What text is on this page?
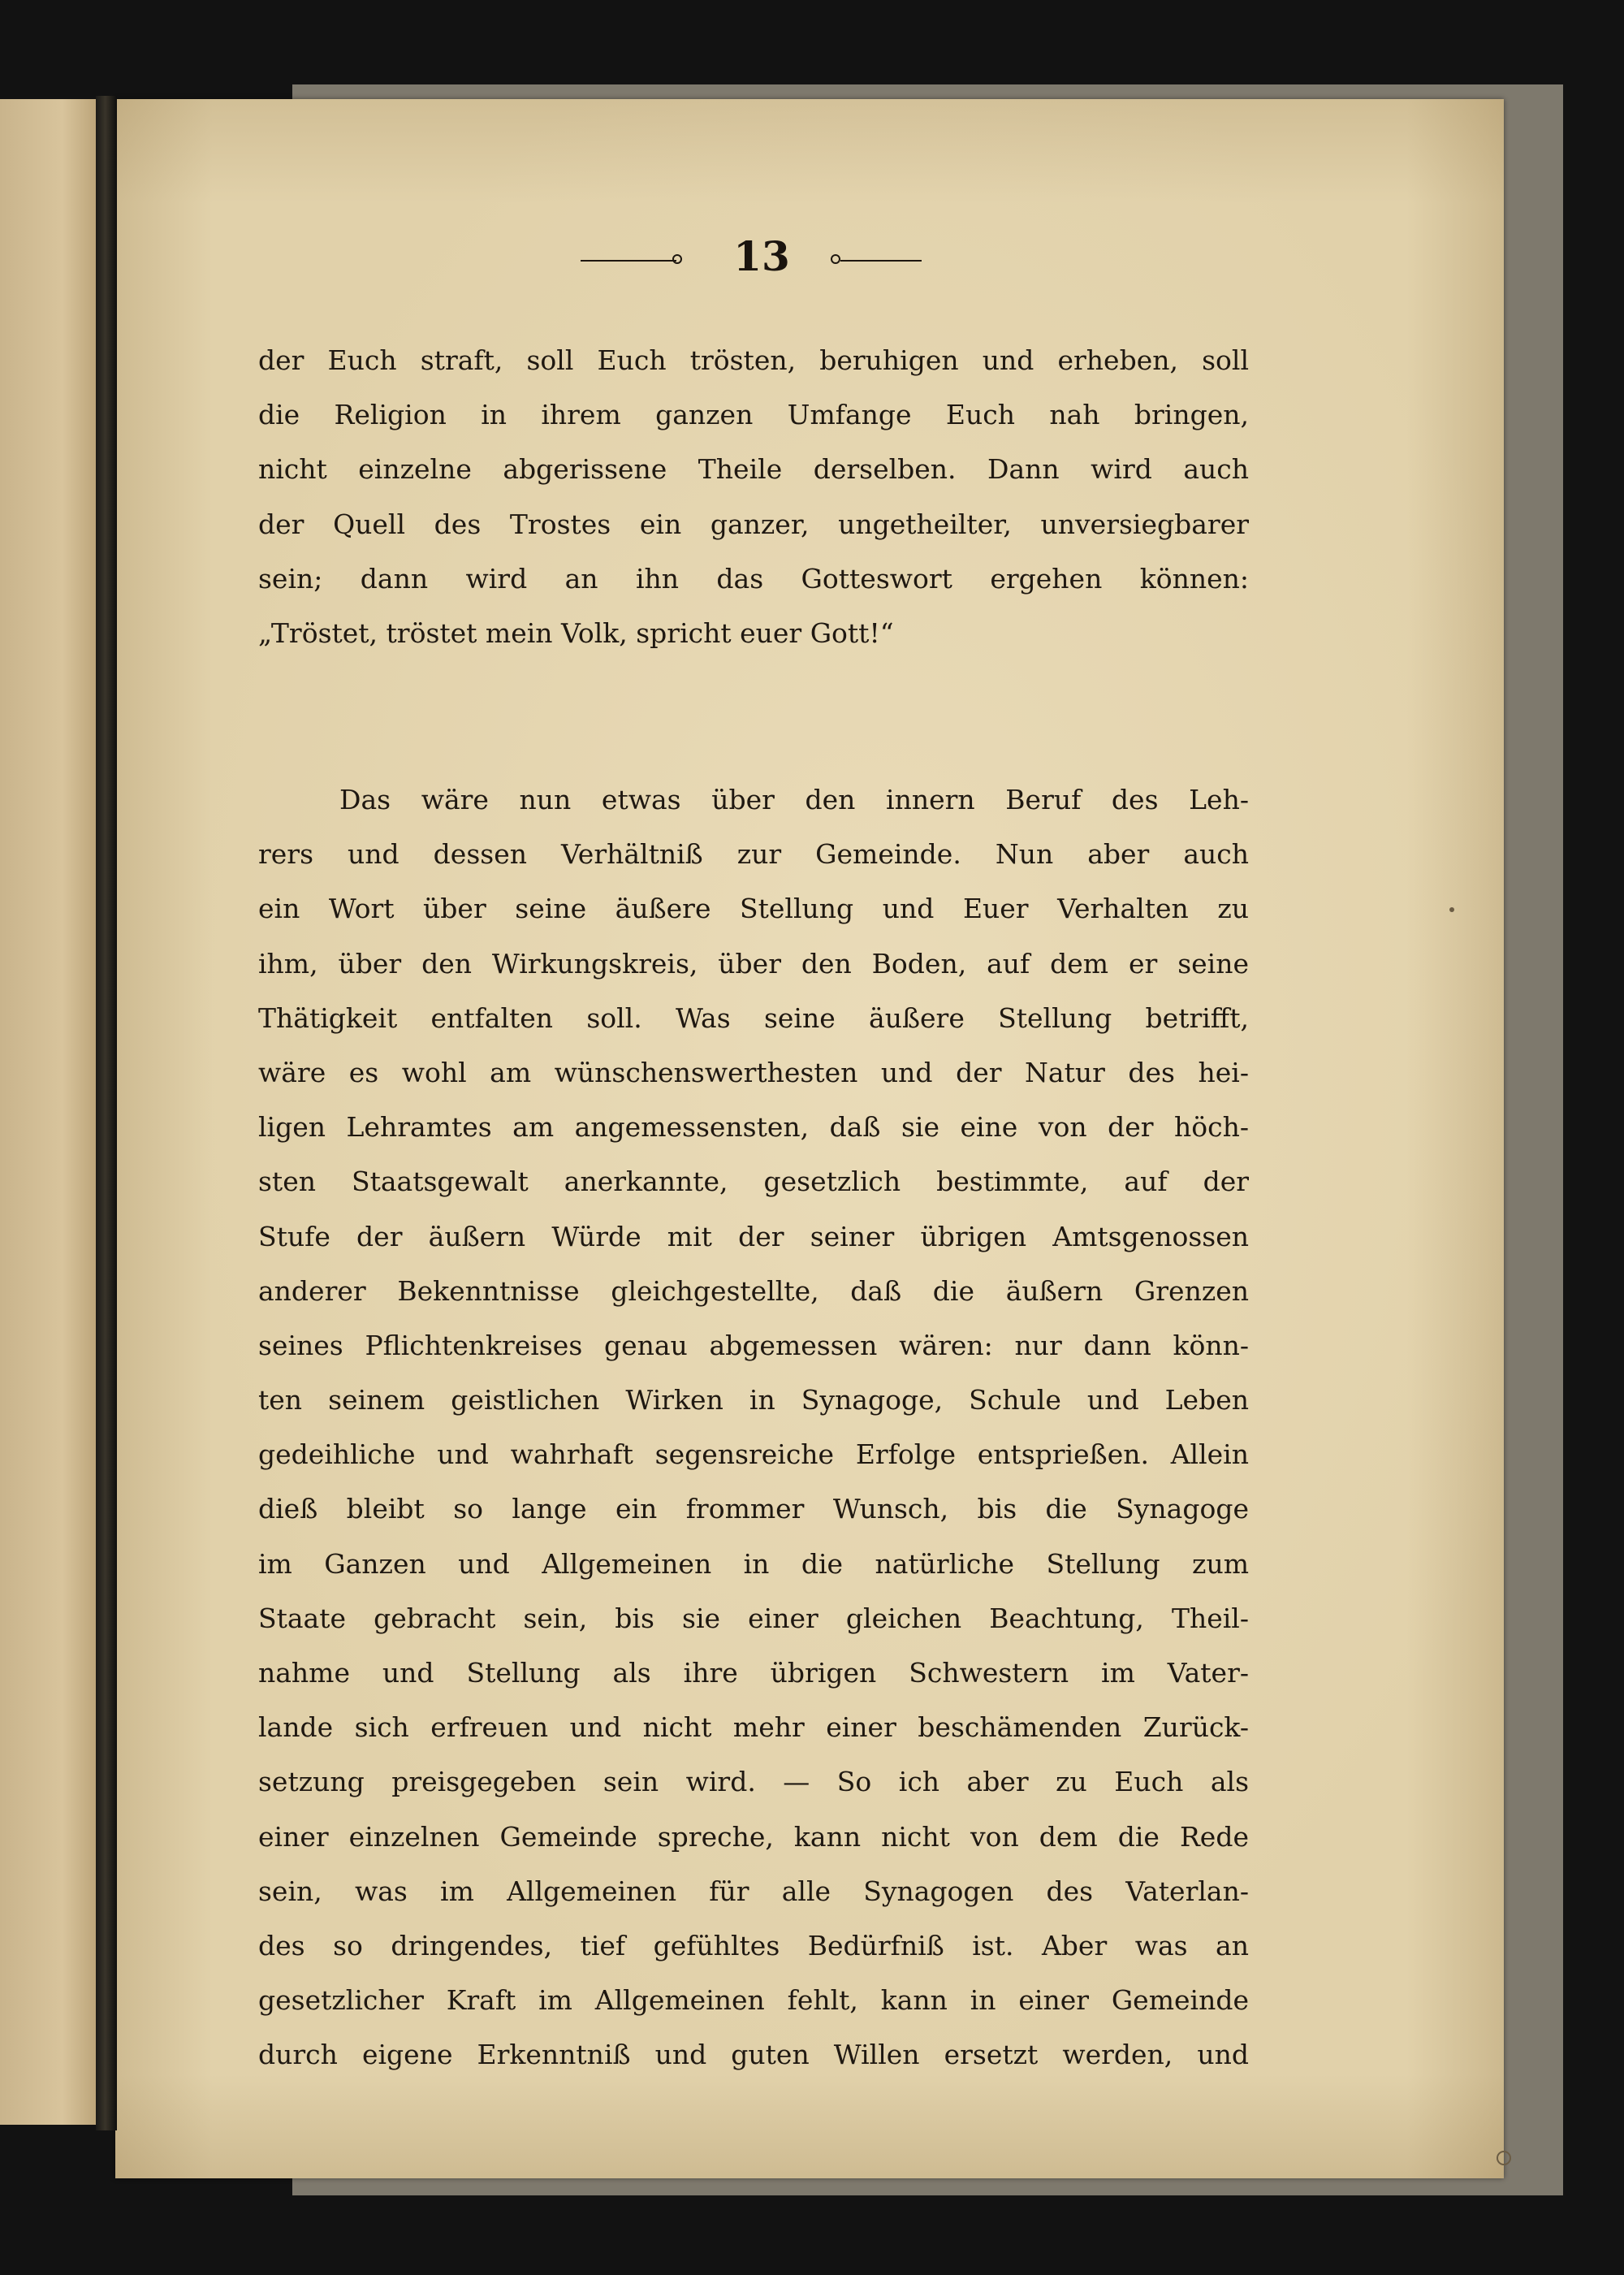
13
der Euch straft, soll Euch trösten, beruhigen und erheben, soll
die Religion in ihrem ganzen Umfange Euch nah bringen,
nicht einzelne abgerissene Theile derselben. Dann wird auch
der Quell des Trostes ein ganzer, ungetheilter, unversiegbarer
sein; dann wird an ihn das Gotteswort ergehen können:
„Tröstet, tröstet mein Volk, spricht euer Gott!“
Das wäre nun etwas über den innern Beruf des Leh-
rers und dessen Verhältniß zur Gemeinde. Nun aber auch
ein Wort über seine äußere Stellung und Euer Verhalten zu
ihm, über den Wirkungskreis, über den Boden, auf dem er seine
Thätigkeit entfalten soll. Was seine äußere Stellung betrifft,
wäre es wohl am wünschenswerthesten und der Natur des hei-
ligen Lehramtes am angemessensten, daß sie eine von der höch-
sten Staatsgewalt anerkannte, gesetzlich bestimmte, auf der
Stufe der äußern Würde mit der seiner übrigen Amtsgenossen
anderer Bekenntnisse gleichgestellte, daß die äußern Grenzen
seines Pflichtenkreises genau abgemessen wären: nur dann könn-
ten seinem geistlichen Wirken in Synagoge, Schule und Leben
gedeihliche und wahrhaft segensreiche Erfolge entsprießen. Allein
dieß bleibt so lange ein frommer Wunsch, bis die Synagoge
im Ganzen und Allgemeinen in die natürliche Stellung zum
Staate gebracht sein, bis sie einer gleichen Beachtung, Theil-
nahme und Stellung als ihre übrigen Schwestern im Vater-
lande sich erfreuen und nicht mehr einer beschämenden Zurück-
setzung preisgegeben sein wird. — So ich aber zu Euch als
einer einzelnen Gemeinde spreche, kann nicht von dem die Rede
sein, was im Allgemeinen für alle Synagogen des Vaterlan-
des so dringendes, tief gefühltes Bedürfniß ist. Aber was an
gesetzlicher Kraft im Allgemeinen fehlt, kann in einer Gemeinde
durch eigene Erkenntniß und guten Willen ersetzt werden, und
